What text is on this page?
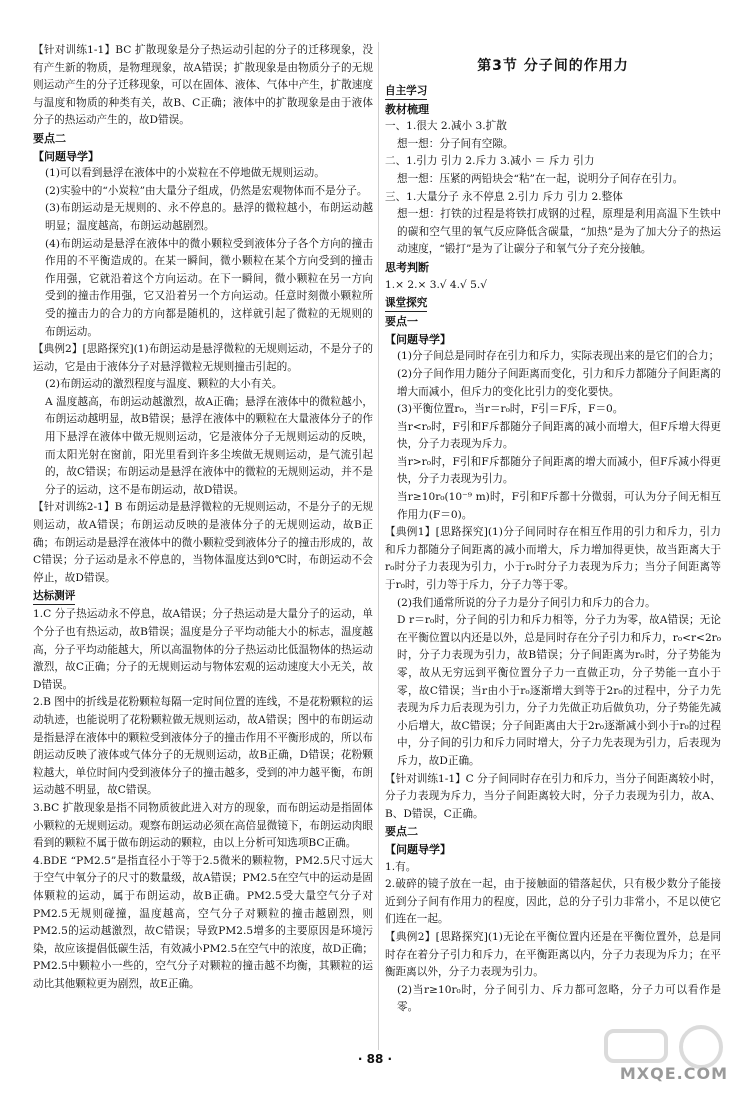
【针对训练1-1】BC 扩散现象是分子热运动引起的分子的迁移现象，没有产生新的物质，是物理现象，故A错误；扩散现象是由物质分子的无规则运动产生的分子迁移现象，可以在固体、液体、气体中产生，扩散速度与温度和物质的种类有关，故B、C正确；液体中的扩散现象是由于液体分子的热运动产生的，故D错误。
要点二
【问题导学】
(1)可以看到悬浮在液体中的小炭粒在不停地做无规则运动。
(2)实验中的“小炭粒”由大量分子组成，仍然是宏观物体而不是分子。
(3)布朗运动是无规则的、永不停息的。悬浮的微粒越小，布朗运动越明显；温度越高，布朗运动越剧烈。
(4)布朗运动是悬浮在液体中的微小颗粒受到液体分子各个方向的撞击作用的不平衡造成的。在某一瞬间，微小颗粒在某个方向受到的撞击作用强，它就沿着这个方向运动。在下一瞬间，微小颗粒在另一方向受到的撞击作用强，它又沿着另一个方向运动。任意时刻微小颗粒所受的撞击力的合力的方向都是随机的，这样就引起了微粒的无规则的布朗运动。
【典例2】[思路探究](1)布朗运动是悬浮微粒的无规则运动，不是分子的运动，它是由于液体分子对悬浮微粒无规则撞击引起的。
(2)布朗运动的激烈程度与温度、颗粒的大小有关。
A 温度越高，布朗运动越激烈，故A正确；悬浮在液体中的微粒越小，布朗运动越明显，故B错误；悬浮在液体中的颗粒在大量液体分子的作用下悬浮在液体中做无规则运动，它是液体分子无规则运动的反映，而太阳光射在窗前，阳光里看到许多尘埃做无规则运动，是气流引起的，故C错误；布朗运动是悬浮在液体中的微粒的无规则运动，并不是分子的运动，这不是布朗运动，故D错误。
【针对训练2-1】B 布朗运动是悬浮微粒的无规则运动，不是分子的无规则运动，故A错误；布朗运动反映的是液体分子的无规则运动，故B正确；布朗运动是悬浮在液体中的微小颗粒受到液体分子的撞击形成的，故C错误；分子运动是永不停息的，当物体温度达到0℃时，布朗运动不会停止，故D错误。
达标测评
1.C 分子热运动永不停息，故A错误；分子热运动是大量分子的运动，单个分子也有热运动，故B错误；温度是分子平均动能大小的标志，温度越高，分子平均动能越大，所以高温物体的分子热运动比低温物体的热运动激烈，故C正确；分子的无规则运动与物体宏观的运动速度大小无关，故D错误。
2.B 图中的折线是花粉颗粒每隔一定时间位置的连线，不是花粉颗粒的运动轨迹，也能说明了花粉颗粒做无规则运动，故A错误；图中的布朗运动是指悬浮在液体中的颗粒受到液体分子的撞击作用不平衡形成的，所以布朗运动反映了液体或气体分子的无规则运动，故B正确，D错误；花粉颗粒越大，单位时间内受到液体分子的撞击越多，受到的冲力越平衡，布朗运动越不明显，故C错误。
3.BC 扩散现象是指不同物质彼此进入对方的现象，而布朗运动是指固体小颗粒的无规则运动。观察布朗运动必须在高倍显微镜下，布朗运动肉眼看到的颗粒不属于做布朗运动的颗粒，由以上分析可知选项BC正确。
4.BDE “PM2.5”是指直径小于等于2.5微米的颗粒物，PM2.5尺寸远大于空气中氧分子的尺寸的数量级，故A错误；PM2.5在空气中的运动是固体颗粒的运动，属于布朗运动，故B正确。PM2.5受大量空气分子对PM2.5无规则碰撞，温度越高，空气分子对颗粒的撞击越剧烈，则PM2.5的运动越激烈，故C错误；导致PM2.5增多的主要原因是环境污染，故应该提倡低碳生活，有效减小PM2.5在空气中的浓度，故D正确；PM2.5中颗粒小一些的，空气分子对颗粒的撞击越不均衡，其颗粒的运动比其他颗粒更为剧烈，故E正确。
第3节 分子间的作用力
自主学习
教材梳理
一、1.很大 2.减小 3.扩散
想一想：分子间有空隙。
二、1.引力 引力 2.斥力 3.减小 ＝ 斥力 引力
想一想：压紧的两铅块会“粘”在一起，说明分子间存在引力。
三、1.大量分子 永不停息 2.引力 斥力 引力 2.整体
想一想：打铁的过程是将铁打成钢的过程，原理是利用高温下生铁中的碳和空气里的氧气反应降低含碳量，“加热”是为了加大分子的热运动速度，“锻打”是为了让碳分子和氧气分子充分接触。
思考判断
1.× 2.× 3.√ 4.√ 5.√
课堂探究
要点一
【问题导学】
(1)分子间总是同时存在引力和斥力，实际表现出来的是它们的合力；
(2)分子间作用力随分子间距离而变化，引力和斥力都随分子间距离的增大而减小，但斥力的变化比引力的变化要快。
(3)平衡位置r₀，当r＝r₀时，F引＝F斥，F＝0。
当r<r₀时，F引和F斥都随分子间距离的减小而增大，但F斥增大得更快，分子力表现为斥力。
当r>r₀时，F引和F斥都随分子间距离的增大而减小，但F斥减小得更快，分子力表现为引力。
当r≥10r₀(10⁻⁹ m)时，F引和F斥都十分微弱，可认为分子间无相互作用力(F＝0)。
【典例1】[思路探究](1)分子间同时存在相互作用的引力和斥力，引力和斥力都随分子间距离的减小而增大，斥力增加得更快，故当距离大于r₀时分子力表现为引力，小于r₀时分子力表现为斥力；当分子间距离等于r₀时，引力等于斥力，分子力等于零。
(2)我们通常所说的分子力是分子间引力和斥力的合力。
D r＝r₀时，分子间的引力和斥力相等，分子力为零，故A错误；无论在平衡位置以内还是以外，总是同时存在分子引力和斥力，r₀<r<2r₀时，分子力表现为引力，故B错误；分子间距离为r₀时，分子势能为零，故从无穷远到平衡位置分子力一直做正功，分子势能一直小于零，故C错误；当r由小于r₀逐渐增大到等于2r₀的过程中，分子力先表现为斥力后表现为引力，分子力先做正功后做负功，分子势能先减小后增大，故C错误；分子间距离由大于2r₀逐渐减小到小于r₀的过程中，分子间的引力和斥力同时增大，分子力先表现为引力，后表现为斥力，故D正确。
【针对训练1-1】C 分子间同时存在引力和斥力，当分子间距离较小时，分子力表现为斥力，当分子间距离较大时，分子力表现为引力，故A、B、D错误，C正确。
要点二
【问题导学】
1.有。
2.破碎的镜子放在一起，由于接触面的错落起伏，只有极少数分子能接近到分子间有作用力的程度，因此，总的分子引力非常小，不足以使它们连在一起。
【典例2】[思路探究](1)无论在平衡位置内还是在平衡位置外，总是同时存在着分子引力和斥力，在平衡距离以内，分子力表现为斥力；在平衡距离以外，分子力表现为引力。
(2)当r≥10r₀时，分子间引力、斥力都可忽略，分子力可以看作是零。
· 88 ·
MXQE.COM
